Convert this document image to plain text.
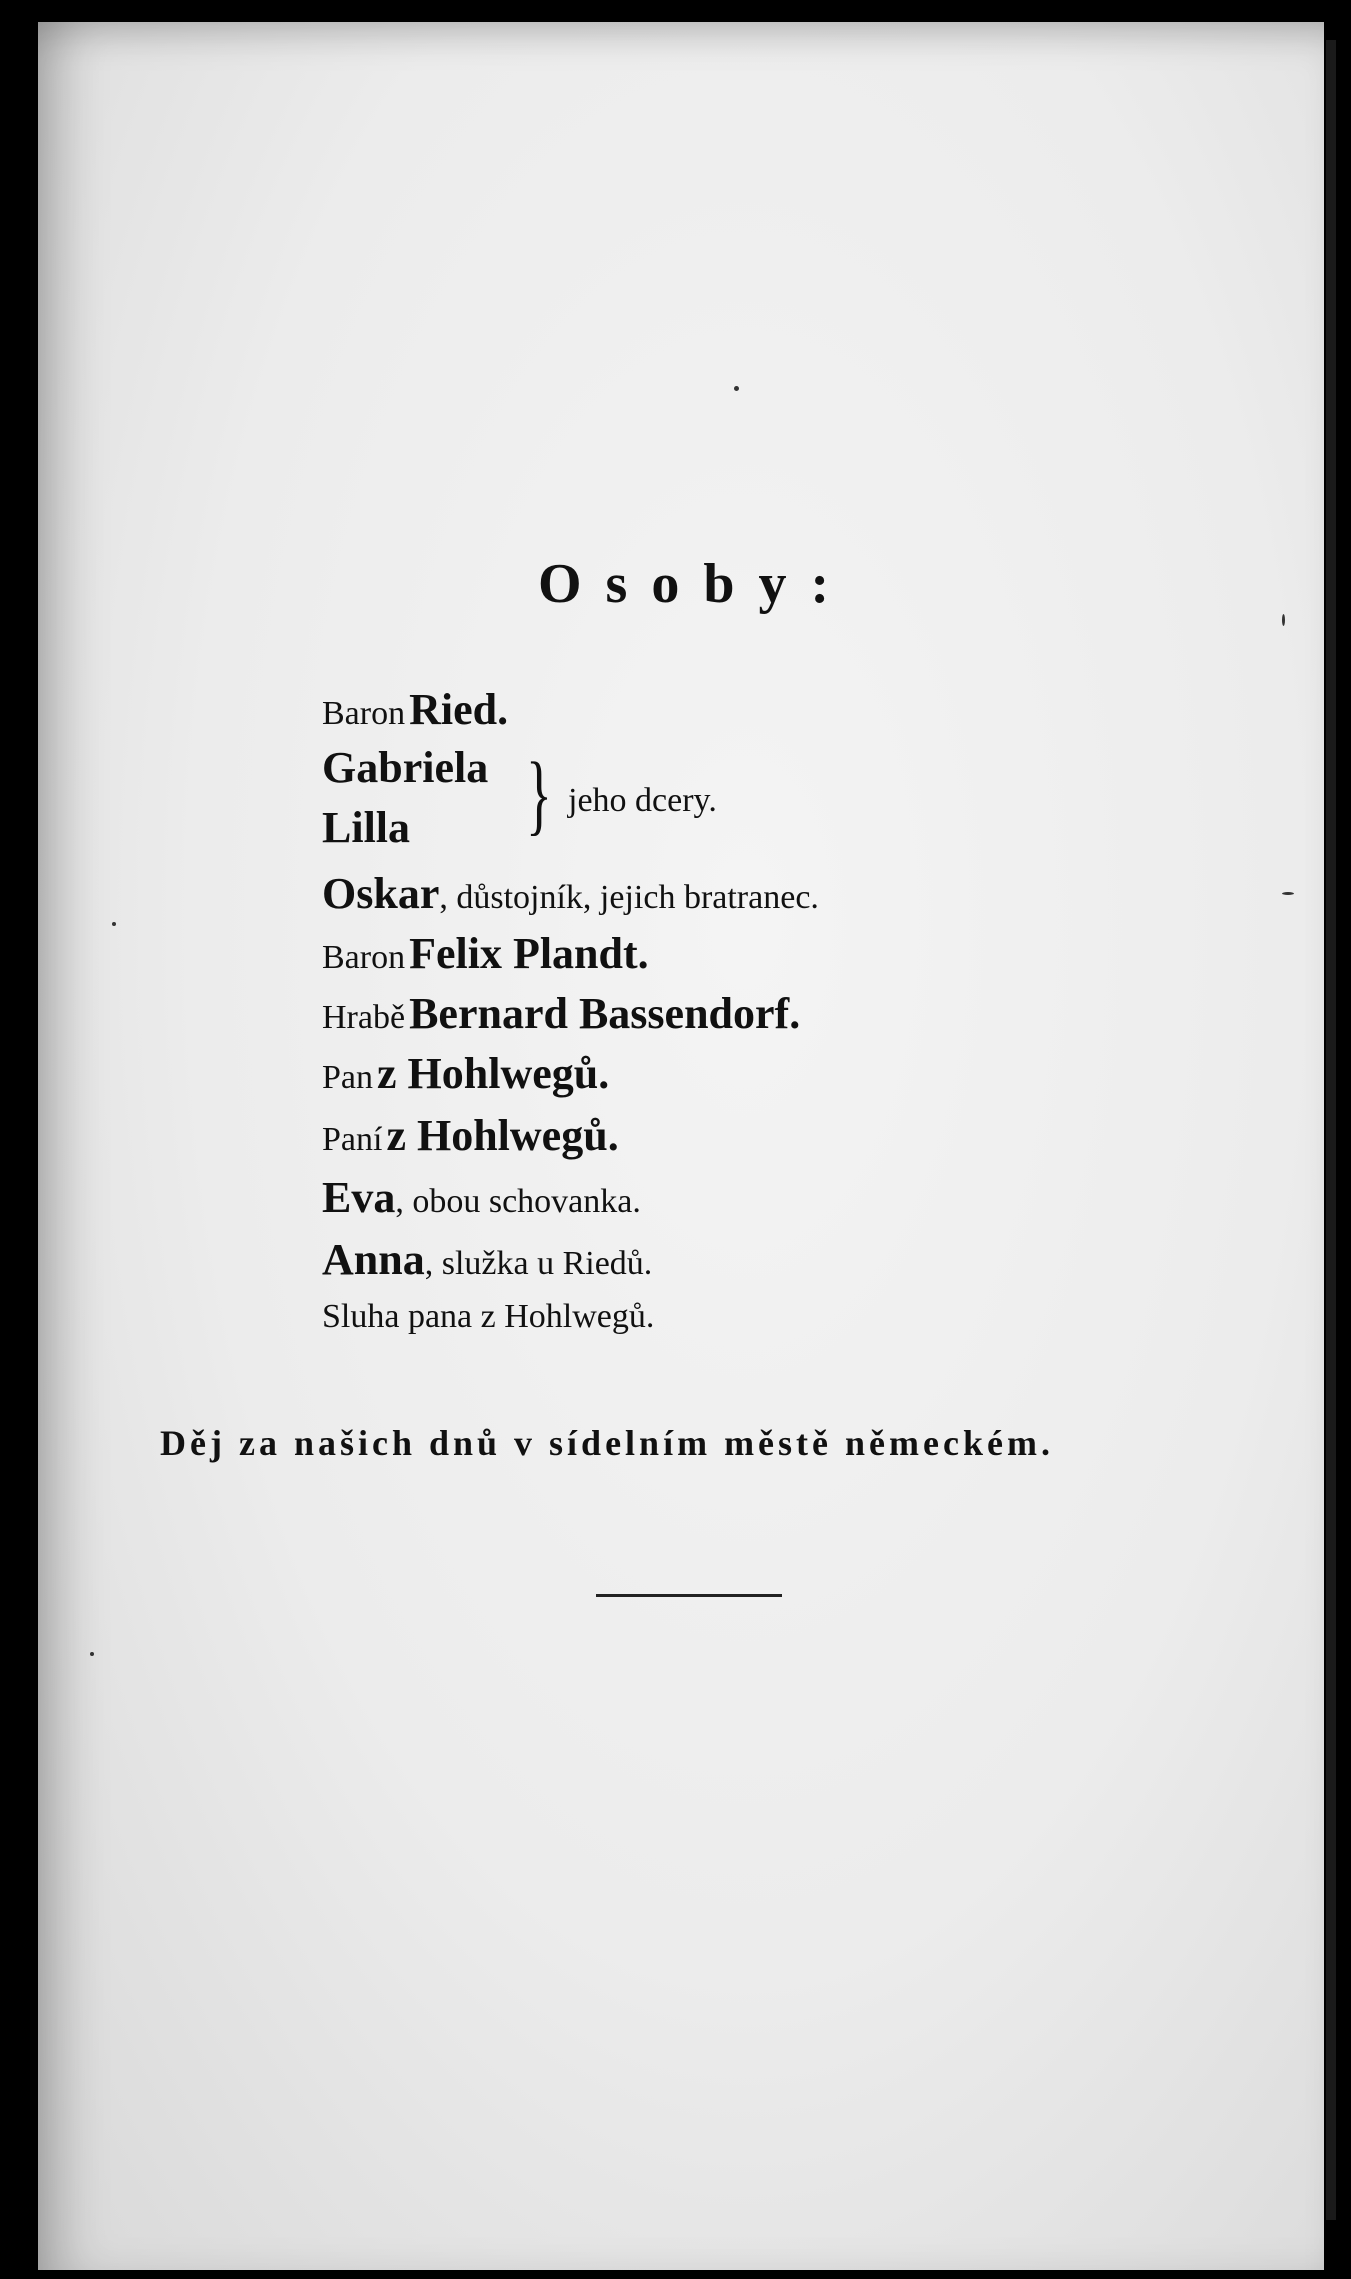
Osoby:
Baron Ried.
Gabriela
Lilla } jeho dcery.
Oskar, důstojník, jejich bratranec.
Baron Felix Plandt.
Hrabě Bernard Bassendorf.
Pan z Hohlwegů.
Paní z Hohlwegů.
Eva, obou schovanka.
Anna, služka u Riedů.
Sluha pana z Hohlwegů.
Děj za našich dnů v sídelním městě německém.
